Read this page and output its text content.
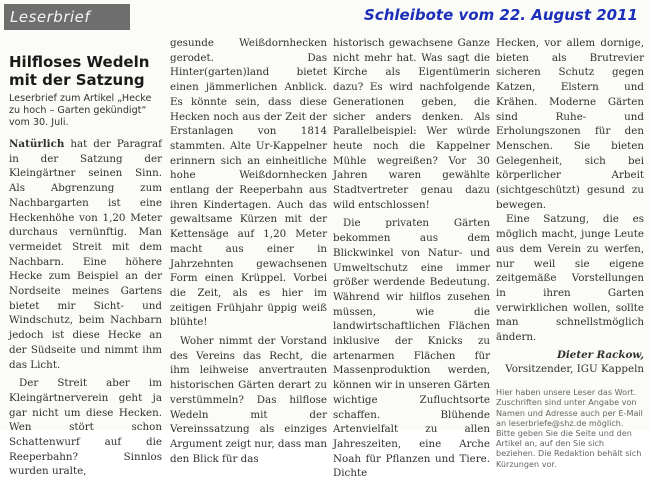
Leserbrief	Schleibote vom 22. August 2011
Hilfloses Wedeln mit der Satzung
Leserbrief zum Artikel „Hecke zu hoch – Garten gekündigt“ vom 30. Juli.

Natürlich hat der Paragraf in der Satzung der Kleingärtner seinen Sinn. Als Abgrenzung zum Nachbargarten ist eine Heckenhöhe von 1,20 Meter durchaus vernünftig. Man vermeidet Streit mit dem Nachbarn. Eine höhere Hecke zum Beispiel an der Nordseite meines Gartens bietet mir Sicht- und Windschutz, beim Nachbarn jedoch ist diese Hecke an der Südseite und nimmt ihm das Licht.

Der Streit aber im Kleingärtnerverein geht ja gar nicht um diese Hecken. Wen stört schon Schattenwurf auf die Reeperbahn? Sinnlos wurden uralte,

gesunde Weißdornhecken gerodet. Das Hinter(garten)land bietet einen jämmerlichen Anblick. Es könnte sein, dass diese Hecken noch aus der Zeit der Erstanlagen von 1814 stammten. Alte Ur-Kappelner erinnern sich an einheitliche hohe Weißdornhecken entlang der Reeperbahn aus ihren Kindertagen. Auch das gewaltsame Kürzen mit der Kettensäge auf 1,20 Meter macht aus einer in Jahrzehnten gewachsenen Form einen Krüppel. Vorbei die Zeit, als es hier im zeitigen Frühjahr üppig weiß blühte!

Woher nimmt der Vorstand des Vereins das Recht, die ihm leihweise anvertrauten historischen Gärten derart zu verstümmeln? Das hilflose Wedeln mit der Vereinssatzung als einziges Argument zeigt nur, dass man den Blick für das

historisch gewachsene Ganze nicht mehr hat. Was sagt die Kirche als Eigentümerin dazu? Es wird nachfolgende Generationen geben, die sicher anders denken. Als Parallelbeispiel: Wer würde heute noch die Kappelner Mühle wegreißen? Vor 30 Jahren waren gewählte Stadtvertreter genau dazu wild entschlossen!

Die privaten Gärten bekommen aus dem Blickwinkel von Natur- und Umweltschutz eine immer größer werdende Bedeutung. Während wir hilflos zusehen müssen, wie die landwirtschaftlichen Flächen inklusive der Knicks zu artenarmen Flächen für Massenproduktion werden, können wir in unseren Gärten wichtige Zufluchtsorte schaffen. Blühende Artenvielfalt zu allen Jahreszeiten, eine Arche Noah für Pflanzen und Tiere. Dichte

Hecken, vor allem dornige, bieten als Brutrevier sicheren Schutz gegen Katzen, Elstern und Krähen. Moderne Gärten sind Ruhe- und Erholungszonen für den Menschen. Sie bieten Gelegenheit, sich bei körperlicher Arbeit (sichtgeschützt) gesund zu bewegen.

Eine Satzung, die es möglich macht, junge Leute aus dem Verein zu werfen, nur weil sie eigene zeitgemäße Vorstellungen in ihren Garten verwirklichen wollen, sollte man schnellstmöglich ändern.

Dieter Rackow,

Vorsitzender, IGU Kappeln

Hier haben unsere Leser das Wort. Zuschriften sind unter Angabe von Namen und Adresse auch per E-Mail an leserbriefe@shz.de möglich. Bitte geben Sie die Seite und den Artikel an, auf den Sie sich beziehen. Die Redaktion behält sich Kürzungen vor.
